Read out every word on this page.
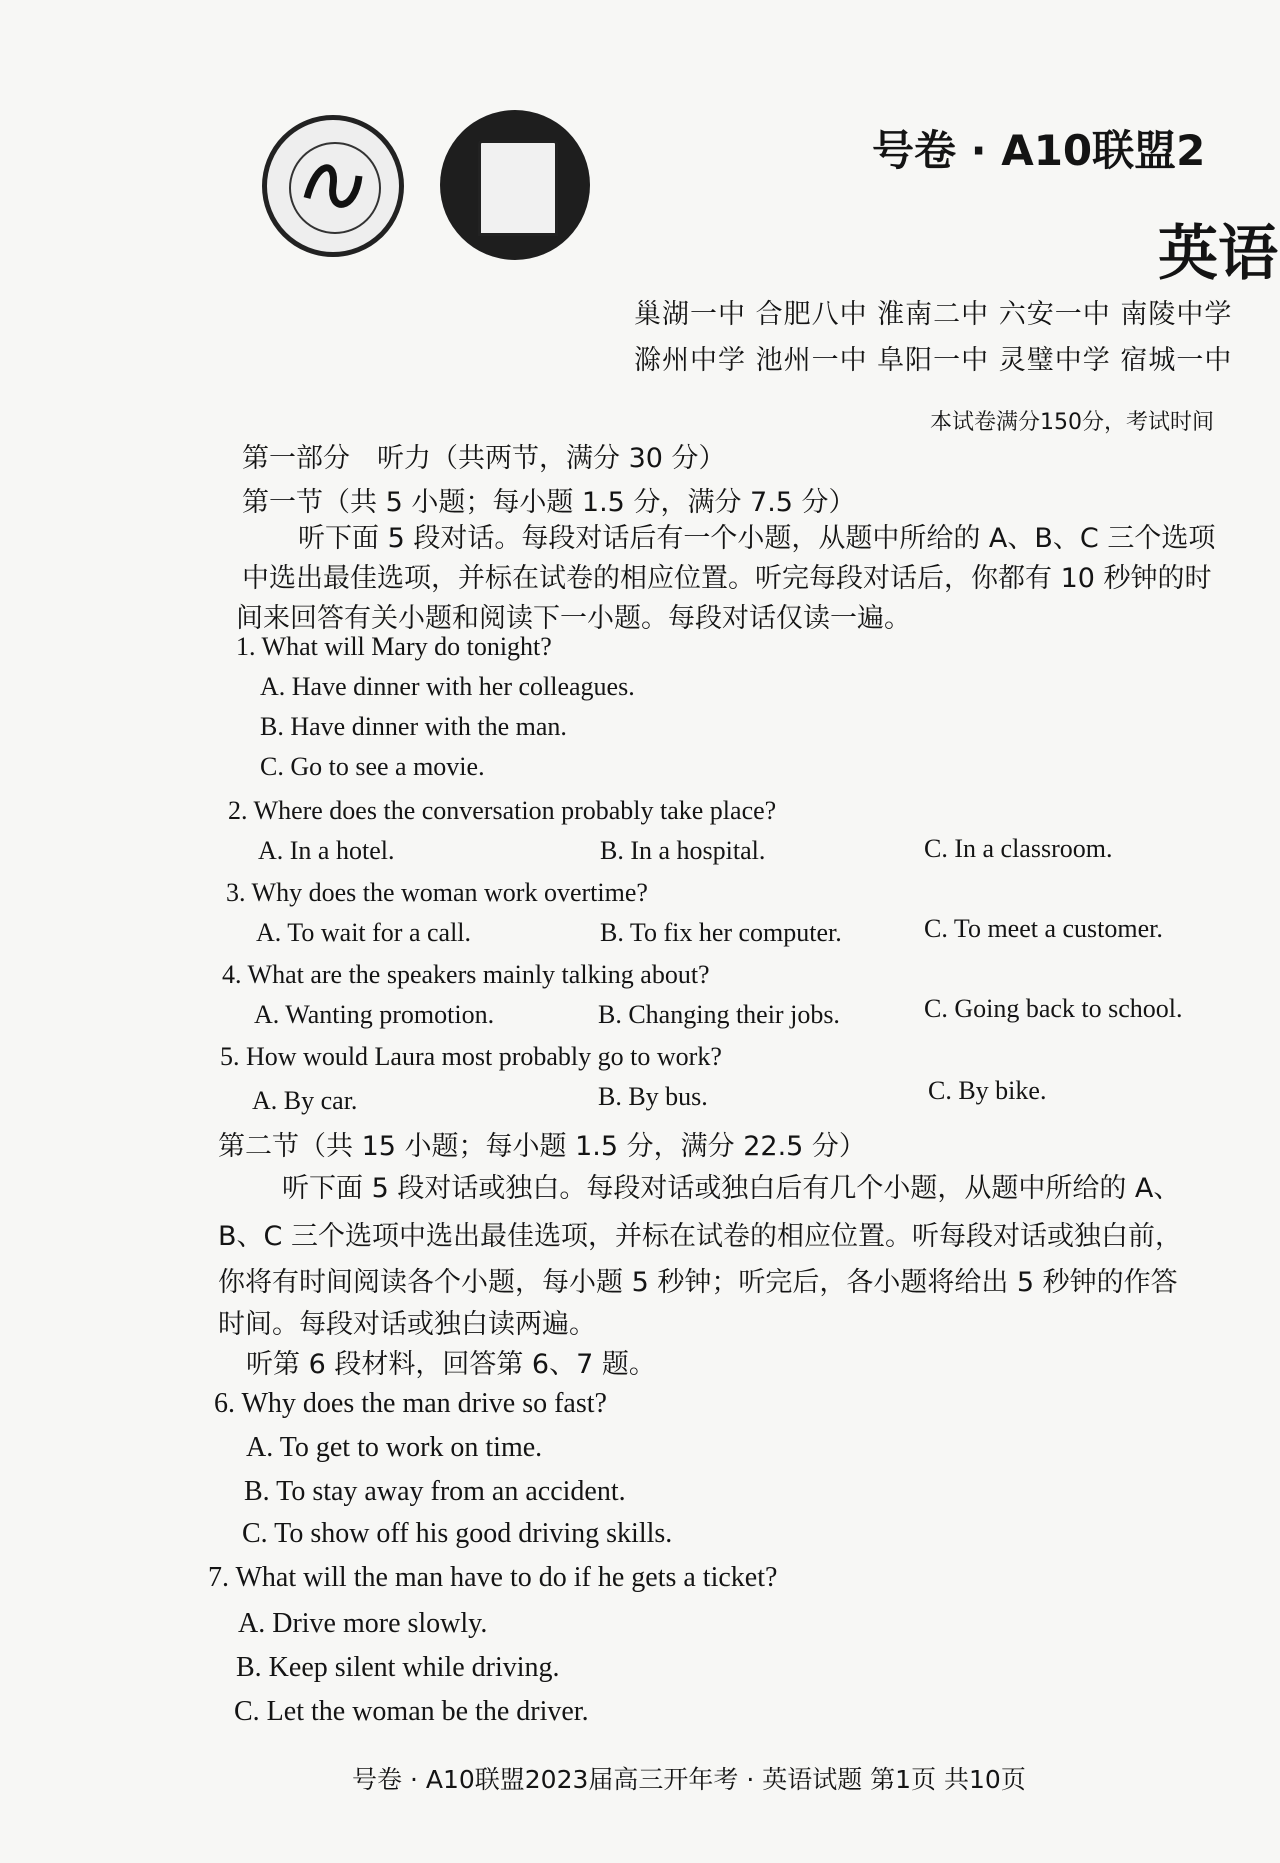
号卷 · A10联盟2
英语
巢湖一中 合肥八中 淮南二中 六安一中 南陵中学
滁州中学 池州一中 阜阳一中 灵璧中学 宿城一中
本试卷满分150分，考试时间
第一部分　听力（共两节，满分 30 分）
第一节（共 5 小题；每小题 1.5 分，满分 7.5 分）
听下面 5 段对话。每段对话后有一个小题，从题中所给的 A、B、C 三个选项
中选出最佳选项，并标在试卷的相应位置。听完每段对话后，你都有 10 秒钟的时
间来回答有关小题和阅读下一小题。每段对话仅读一遍。
1. What will Mary do tonight?
A. Have dinner with her colleagues.
B. Have dinner with the man.
C. Go to see a movie.
2. Where does the conversation probably take place?
A. In a hotel.	B. In a hospital.	C. In a classroom.
3. Why does the woman work overtime?
A. To wait for a call.	B. To fix her computer.	C. To meet a customer.
4. What are the speakers mainly talking about?
A. Wanting promotion.	B. Changing their jobs.	C. Going back to school.
5. How would Laura most probably go to work?
A. By car.	B. By bus.	C. By bike.
第二节（共 15 小题；每小题 1.5 分，满分 22.5 分）
听下面 5 段对话或独白。每段对话或独白后有几个小题，从题中所给的 A、
B、C 三个选项中选出最佳选项，并标在试卷的相应位置。听每段对话或独白前，
你将有时间阅读各个小题，每小题 5 秒钟；听完后，各小题将给出 5 秒钟的作答
时间。每段对话或独白读两遍。
听第 6 段材料，回答第 6、7 题。
6. Why does the man drive so fast?
A. To get to work on time.
B. To stay away from an accident.
C. To show off his good driving skills.
7. What will the man have to do if he gets a ticket?
A. Drive more slowly.
B. Keep silent while driving.
C. Let the woman be the driver.
号卷 · A10联盟2023届高三开年考 · 英语试题 第1页 共10页
